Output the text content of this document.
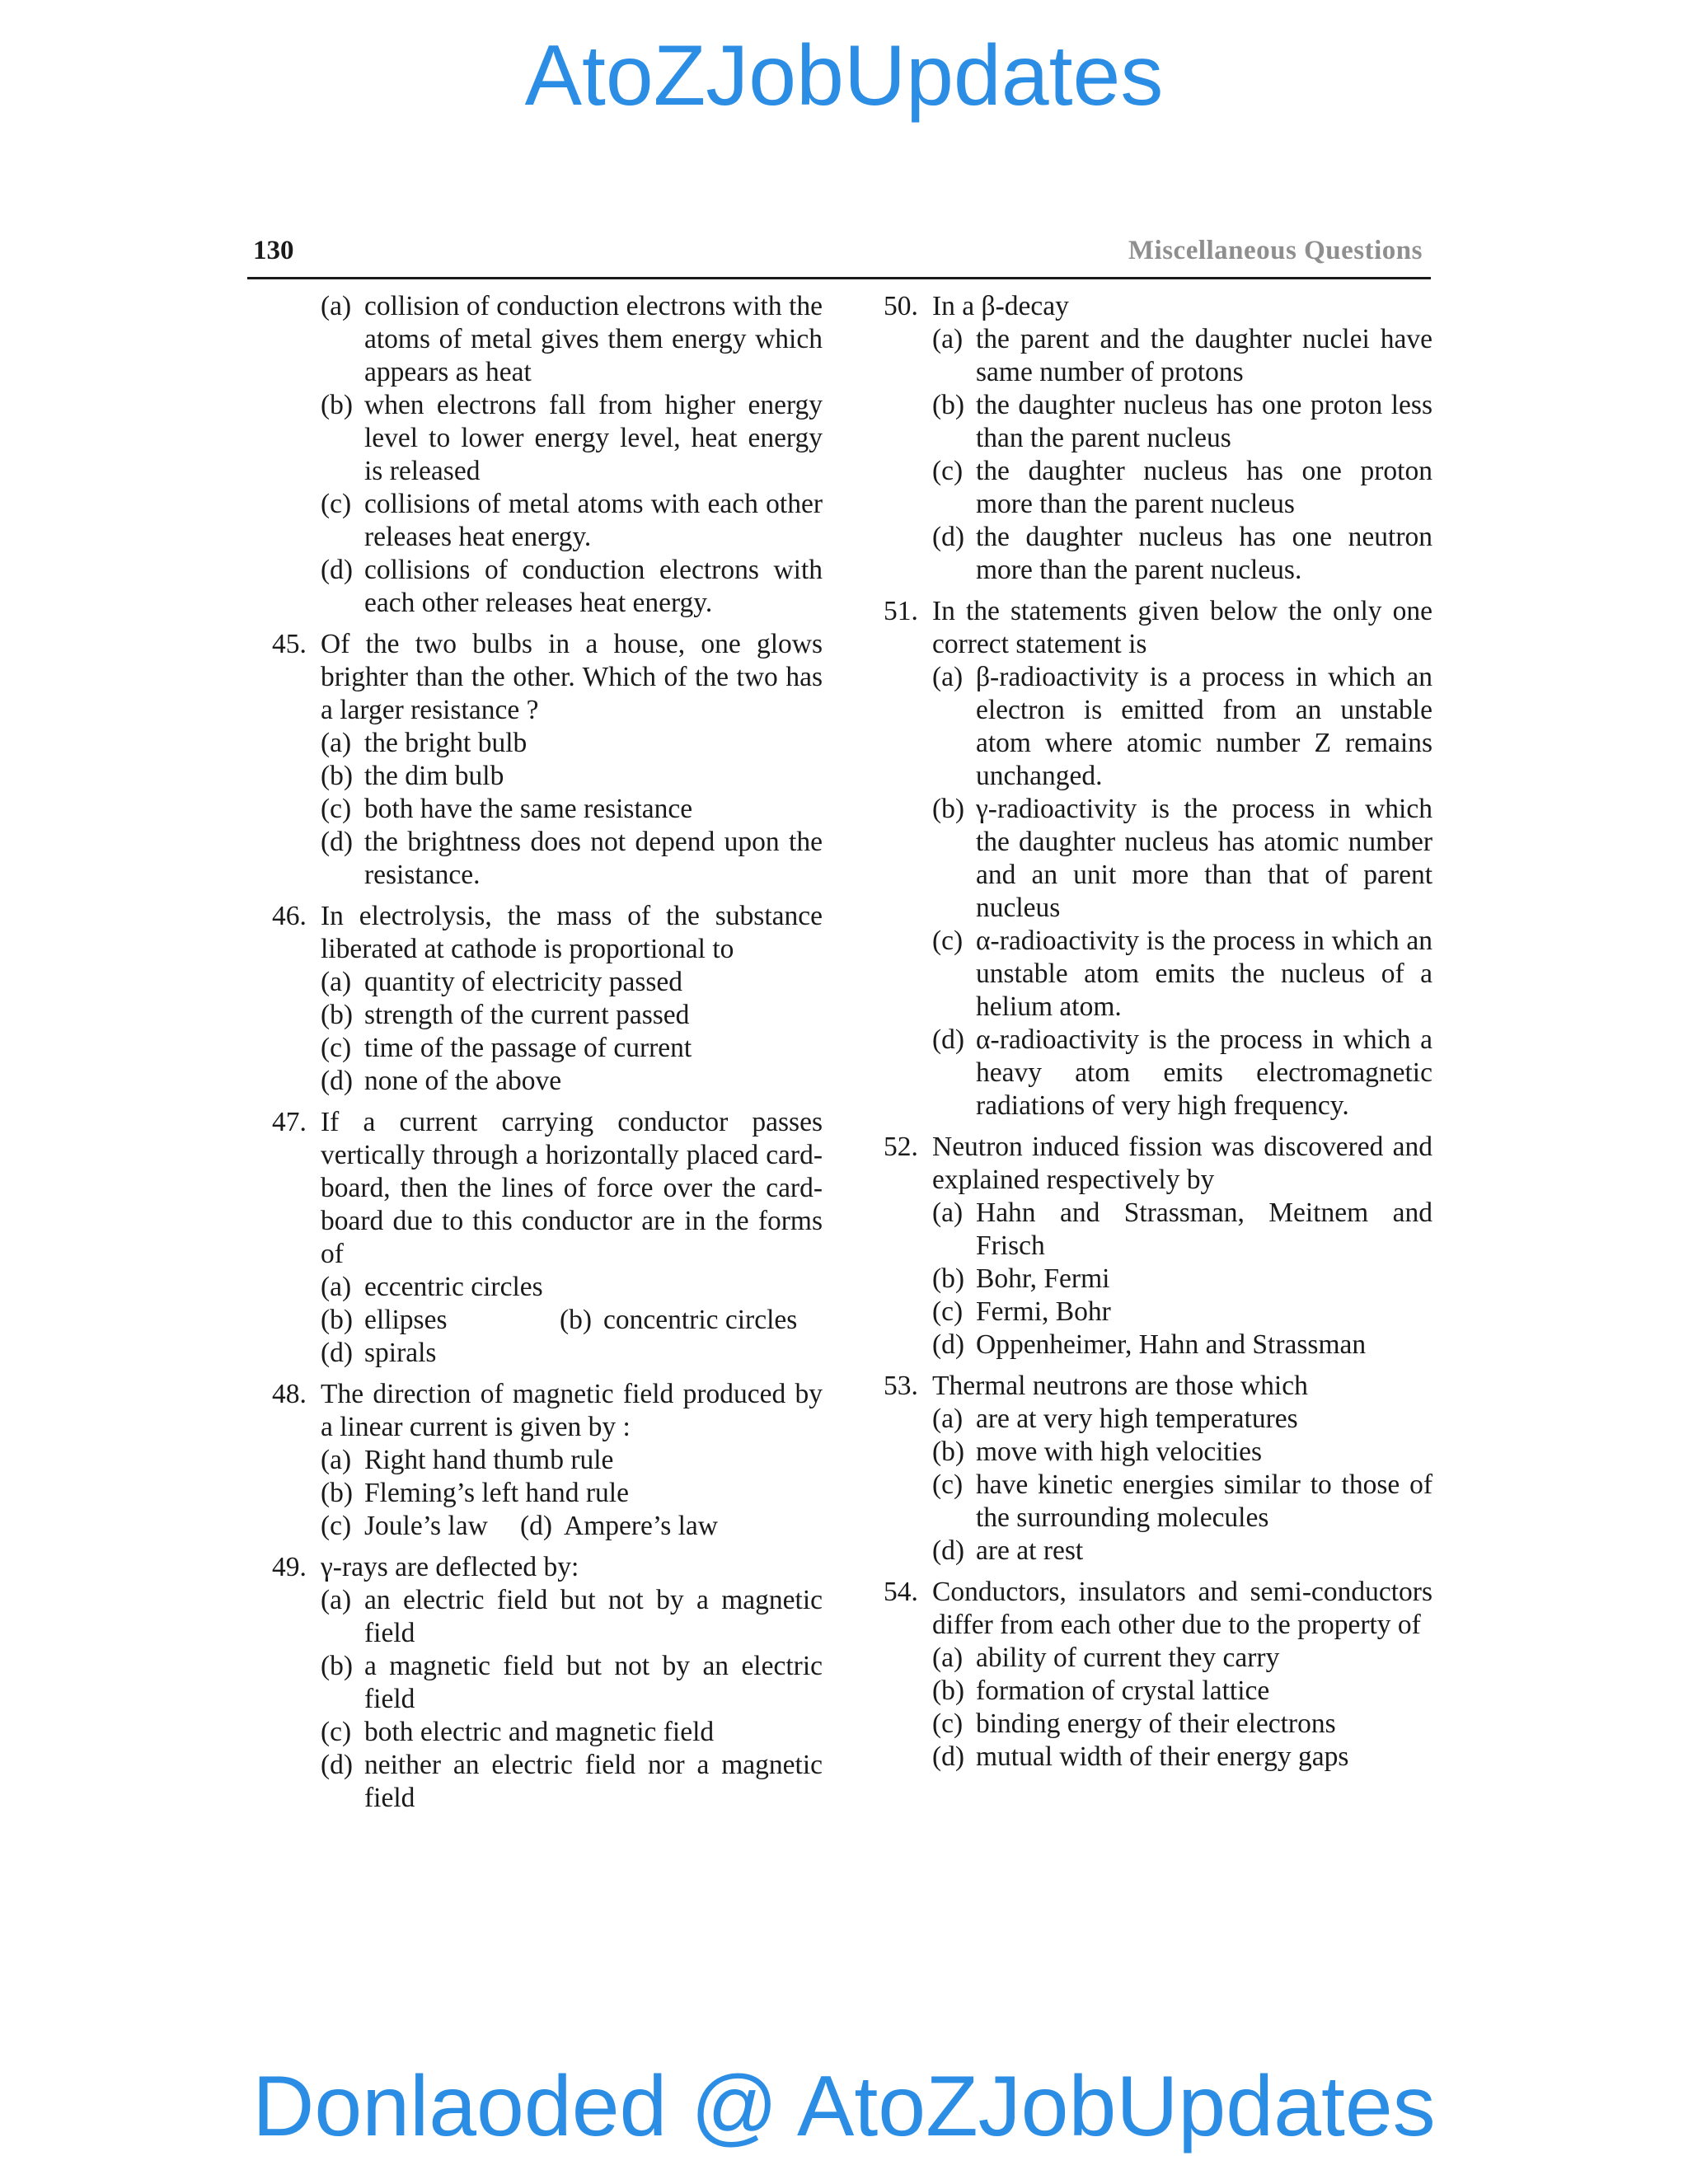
AtoZJobUpdates
130	Miscellaneous Questions
(a) collision of conduction electrons with the atoms of metal gives them energy which appears as heat
(b) when electrons fall from higher energy level to lower energy level, heat energy is released
(c) collisions of metal atoms with each other releases heat energy.
(d) collisions of conduction electrons with each other releases heat energy.
45. Of the two bulbs in a house, one glows brighter than the other. Which of the two has a larger resistance ?
(a) the bright bulb
(b) the dim bulb
(c) both have the same resistance
(d) the brightness does not depend upon the resistance.
46. In electrolysis, the mass of the substance liberated at cathode is proportional to
(a) quantity of electricity passed
(b) strength of the current passed
(c) time of the passage of current
(d) none of the above
47. If a current carrying conductor passes vertically through a horizontally placed card-board, then the lines of force over the card-board due to this conductor are in the forms of
(a) eccentric circles
(b) ellipses	(b) concentric circles
(d) spirals
48. The direction of magnetic field produced by a linear current is given by :
(a) Right hand thumb rule
(b) Fleming’s left hand rule
(c) Joule’s law	(d) Ampere’s law
49. γ-rays are deflected by:
(a) an electric field but not by a magnetic field
(b) a magnetic field but not by an electric field
(c) both electric and magnetic field
(d) neither an electric field nor a magnetic field
50. In a β-decay
(a) the parent and the daughter nuclei have same number of protons
(b) the daughter nucleus has one proton less than the parent nucleus
(c) the daughter nucleus has one proton more than the parent nucleus
(d) the daughter nucleus has one neutron more than the parent nucleus.
51. In the statements given below the only one correct statement is
(a) β-radioactivity is a process in which an electron is emitted from an unstable atom where atomic number Z remains unchanged.
(b) γ-radioactivity is the process in which the daughter nucleus has atomic number and an unit more than that of parent nucleus
(c) α-radioactivity is the process in which an unstable atom emits the nucleus of a helium atom.
(d) α-radioactivity is the process in which a heavy atom emits electromagnetic radiations of very high frequency.
52. Neutron induced fission was discovered and explained respectively by
(a) Hahn and Strassman, Meitnem and Frisch
(b) Bohr, Fermi
(c) Fermi, Bohr
(d) Oppenheimer, Hahn and Strassman
53. Thermal neutrons are those which
(a) are at very high temperatures
(b) move with high velocities
(c) have kinetic energies similar to those of the surrounding molecules
(d) are at rest
54. Conductors, insulators and semi-conductors differ from each other due to the property of
(a) ability of current they carry
(b) formation of crystal lattice
(c) binding energy of their electrons
(d) mutual width of their energy gaps
Donlaoded @ AtoZJobUpdates
